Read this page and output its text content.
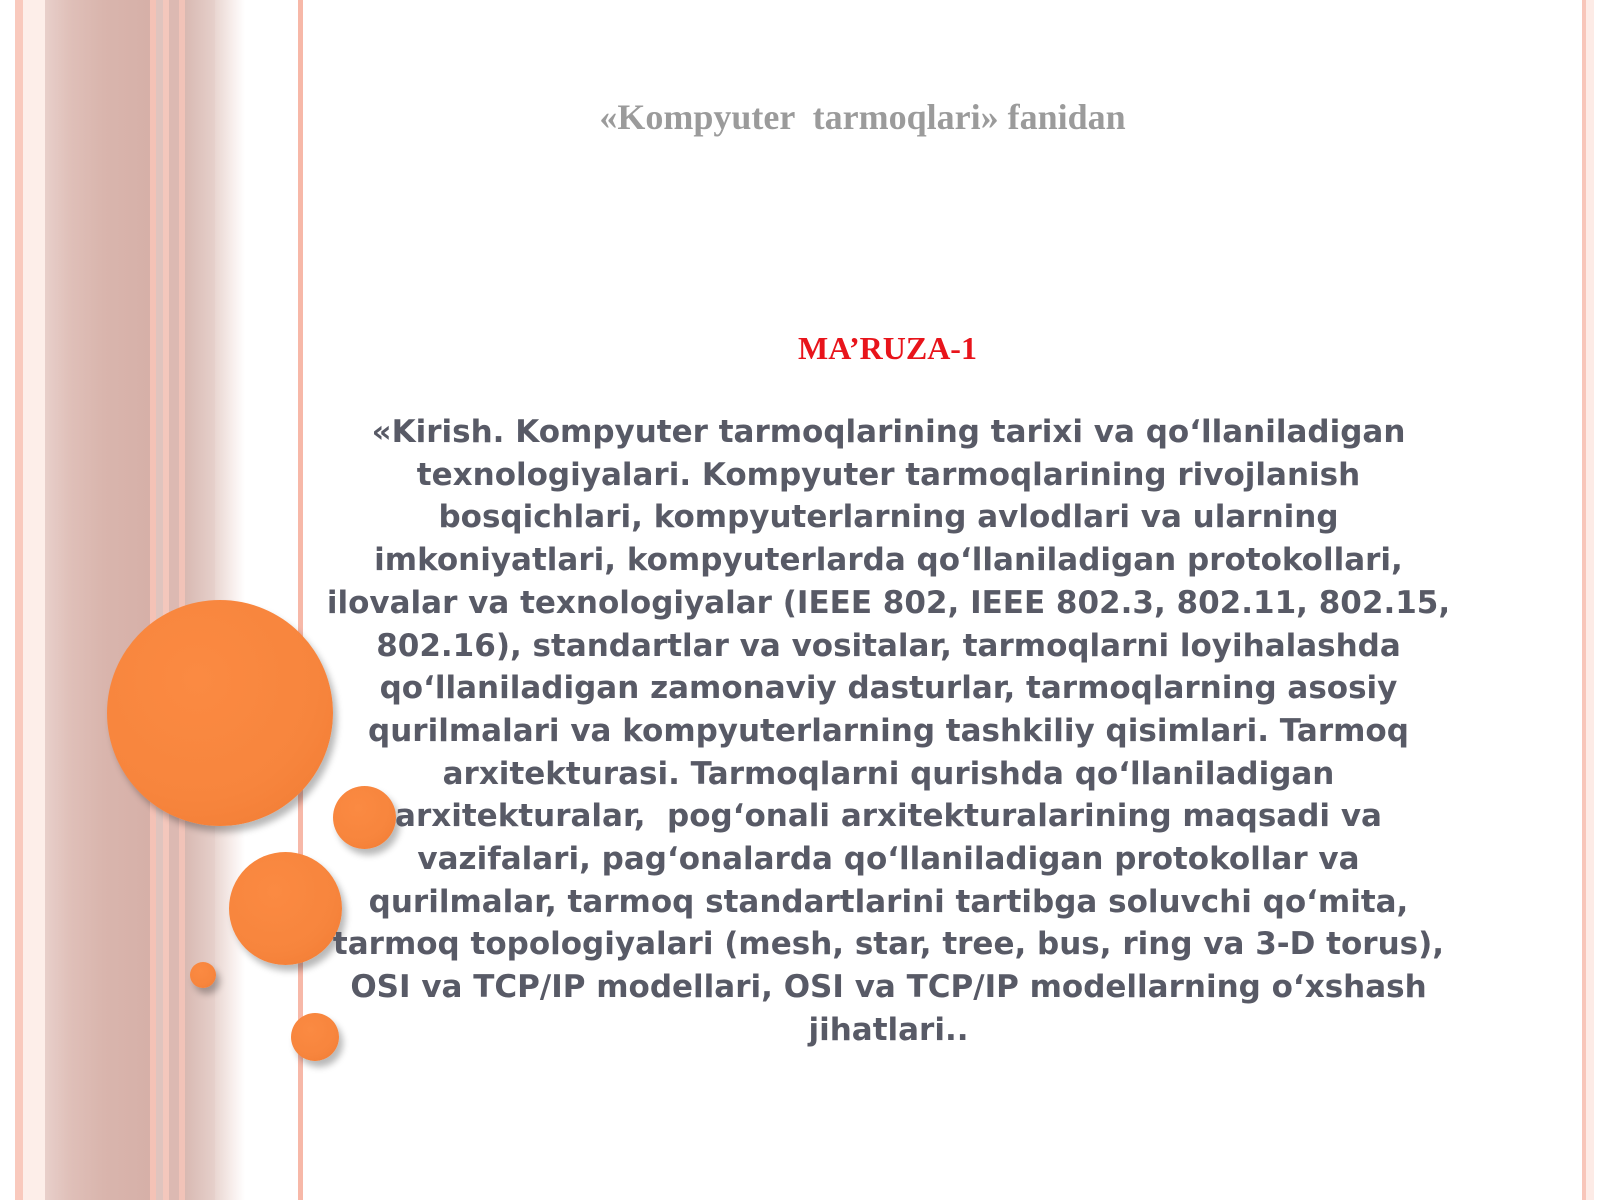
«Kompyuter  tarmoqlari» fanidan

MA’RUZA-1

«Kirish. Kompyuter tarmoqlarining tarixi va qo‘llaniladigan texnologiyalari. Kompyuter tarmoqlarining rivojlanish bosqichlari, kompyuterlarning avlodlari va ularning imkoniyatlari, kompyuterlarda qo‘llaniladigan protokollari, ilovalar va texnologiyalar (IEEE 802, IEEE 802.3, 802.11, 802.15, 802.16), standartlar va vositalar, tarmoqlarni loyihalashda qo‘llaniladigan zamonaviy dasturlar, tarmoqlarning asosiy qurilmalari va kompyuterlarning tashkiliy qisimlari. Tarmoq arxitekturasi. Tarmoqlarni qurishda qo‘llaniladigan arxitekturalar,  pog‘onali arxitekturalarining maqsadi va vazifalari, pag‘onalarda qo‘llaniladigan protokollar va qurilmalar, tarmoq standartlarini tartibga soluvchi qo‘mita, tarmoq topologiyalari (mesh, star, tree, bus, ring va 3-D torus), OSI va TCP/IP modellari, OSI va TCP/IP modellarning o‘xshash jihatlari..
